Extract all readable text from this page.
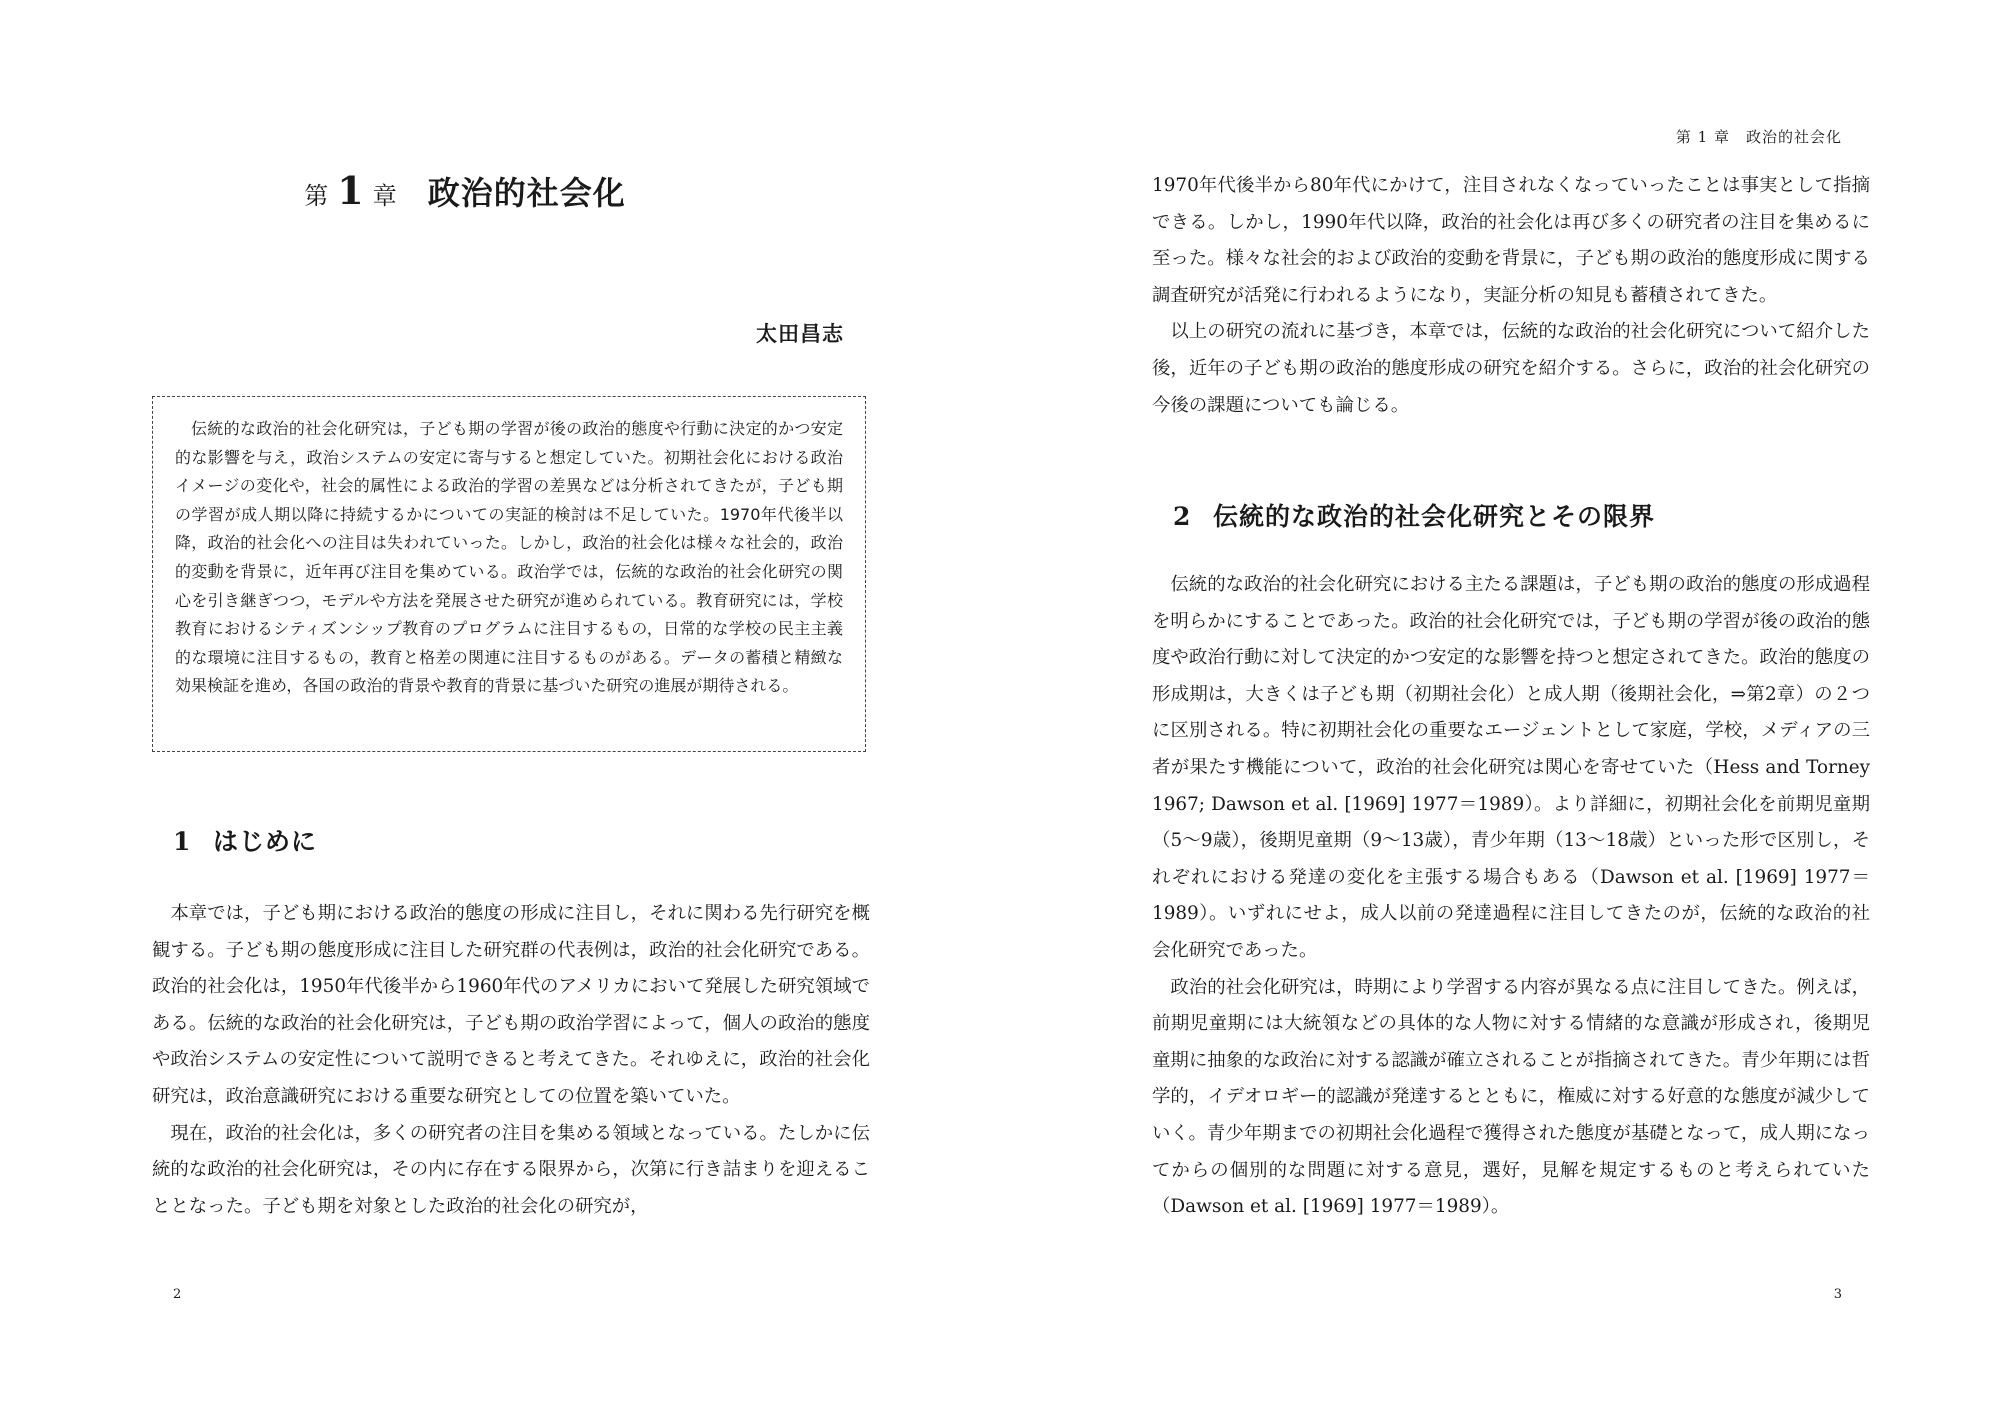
第 1 章 政治的社会化
太田昌志
伝統的な政治的社会化研究は，子ども期の学習が後の政治的態度や行動に決定的かつ安定的な影響を与え，政治システムの安定に寄与すると想定していた。初期社会化における政治イメージの変化や，社会的属性による政治的学習の差異などは分析されてきたが，子ども期の学習が成人期以降に持続するかについての実証的検討は不足していた。1970年代後半以降，政治的社会化への注目は失われていった。しかし，政治的社会化は様々な社会的，政治的変動を背景に，近年再び注目を集めている。政治学では，伝統的な政治的社会化研究の関心を引き継ぎつつ，モデルや方法を発展させた研究が進められている。教育研究には，学校教育におけるシティズンシップ教育のプログラムに注目するもの，日常的な学校の民主主義的な環境に注目するもの，教育と格差の関連に注目するものがある。データの蓄積と精緻な効果検証を進め，各国の政治的背景や教育的背景に基づいた研究の進展が期待される。
1 はじめに

本章では，子ども期における政治的態度の形成に注目し，それに関わる先行研究を概観する。子ども期の態度形成に注目した研究群の代表例は，政治的社会化研究である。政治的社会化は，1950年代後半から1960年代のアメリカにおいて発展した研究領域である。伝統的な政治的社会化研究は，子ども期の政治学習によって，個人の政治的態度や政治システムの安定性について説明できると考えてきた。それゆえに，政治的社会化研究は，政治意識研究における重要な研究としての位置を築いていた。

現在，政治的社会化は，多くの研究者の注目を集める領域となっている。たしかに伝統的な政治的社会化研究は，その内に存在する限界から，次第に行き詰まりを迎えることとなった。子ども期を対象とした政治的社会化の研究が，

2
第 1 章　政治的社会化

1970年代後半から80年代にかけて，注目されなくなっていったことは事実として指摘できる。しかし，1990年代以降，政治的社会化は再び多くの研究者の注目を集めるに至った。様々な社会的および政治的変動を背景に，子ども期の政治的態度形成に関する調査研究が活発に行われるようになり，実証分析の知見も蓄積されてきた。

以上の研究の流れに基づき，本章では，伝統的な政治的社会化研究について紹介した後，近年の子ども期の政治的態度形成の研究を紹介する。さらに，政治的社会化研究の今後の課題についても論じる。

2 伝統的な政治的社会化研究とその限界

伝統的な政治的社会化研究における主たる課題は，子ども期の政治的態度の形成過程を明らかにすることであった。政治的社会化研究では，子ども期の学習が後の政治的態度や政治行動に対して決定的かつ安定的な影響を持つと想定されてきた。政治的態度の形成期は，大きくは子ども期（初期社会化）と成人期（後期社会化，⇒第2章）の２つに区別される。特に初期社会化の重要なエージェントとして家庭，学校，メディアの三者が果たす機能について，政治的社会化研究は関心を寄せていた（Hess and Torney 1967; Dawson et al. [1969] 1977＝1989）。より詳細に，初期社会化を前期児童期（5～9歳），後期児童期（9～13歳），青少年期（13～18歳）といった形で区別し，それぞれにおける発達の変化を主張する場合もある（Dawson et al. [1969] 1977＝1989）。いずれにせよ，成人以前の発達過程に注目してきたのが，伝統的な政治的社会化研究であった。

政治的社会化研究は，時期により学習する内容が異なる点に注目してきた。例えば，前期児童期には大統領などの具体的な人物に対する情緒的な意識が形成され，後期児童期に抽象的な政治に対する認識が確立されることが指摘されてきた。青少年期には哲学的，イデオロギー的認識が発達するとともに，権威に対する好意的な態度が減少していく。青少年期までの初期社会化過程で獲得された態度が基礎となって，成人期になってからの個別的な問題に対する意見，選好，見解を規定するものと考えられていた（Dawson et al. [1969] 1977＝1989）。

3
